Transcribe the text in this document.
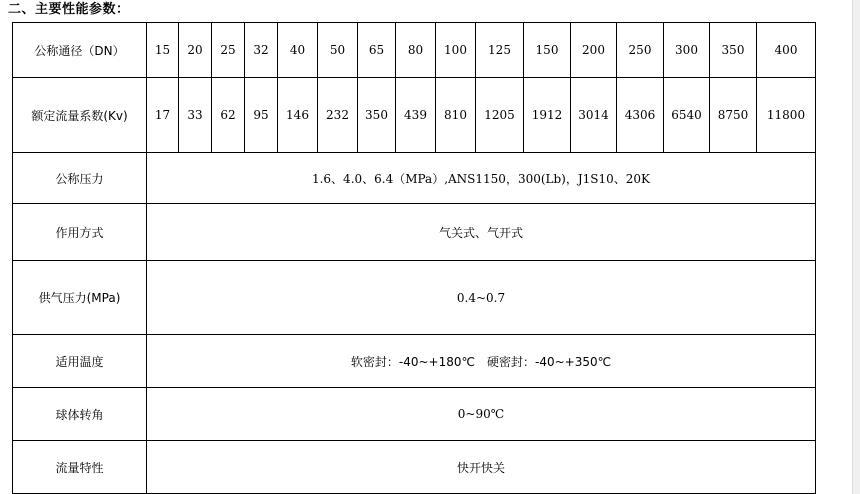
二、主要性能参数：
公称通径（DN）	15	20	25	32	40	50	65	80	100	125	150	200	250	300	350	400
额定流量系数(Kv)	17	33	62	95	146	232	350	439	810	1205	1912	3014	4306	6540	8750	11800
公称压力	1.6、4.0、6.4（MPa）,ANS1150，300(Lb)，J1S10、20K															
作用方式	气关式、气开式															
供气压力(MPa)	0.4~0.7															
适用温度	软密封：-40~+180℃　硬密封：-40~+350℃															
球体转角	0~90℃															
流量特性	快开快关															
